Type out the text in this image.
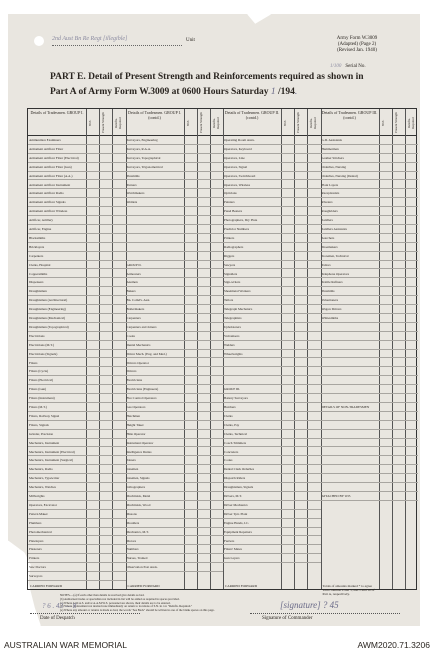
2nd Aust Bn Re Regt [illegible]	Unit	Army Form W.3009
(Adapted) (Page 2)
(Revised Jan. 1940)
1/100 Serial No.
PART E. Detail of Present Strength and Reinforcements required as shown in
Part A of Army Form W.3009 at 0600 Hours Saturday 1 /194.
Details of Tradesmen. GROUP I.
W.E.	Present Strength	Reinfts. Required
Ammunition Examiners
Armament Artificer Fitter
Armament Artificer Fitter (Electrical)
Armament Artificer Fitter (Gun)
Armament Artificer Fitter (A.A.)
Armament Artificer Instrument
Armament Artificer Radio
Armament Artificer Signals
Armament Artificer Wireless
Artificer, Artillery
Artificer, Engine
Blacksmiths
Bricklayers
Carpenters
Clerks, Hospital
Coppersmiths
Dispensers
Draughtsmen
Draughtsmen (Architectural)
Draughtsmen (Engineering)
Draughtsmen (Mechanical)
Draughtsmen (Topographical)
Electricians
Electricians (M.T.)
Electricians (Signals)
Fitters
Fitters (Cycle)
Fitters (Electrical)
Fitters (Gun)
Fitters (Instrument)
Fitters (M.T.)
Fitters, Railway Signal
Fitters, Signals
Grinder, Precision
Mechanics, Instrument
Mechanics, Instrument (Electrical)
Mechanics, Instrument (Surgical)
Mechanics, Radio
Mechanics, Typewriter
Mechanics, Watches
Millwrights
Operators, Excavator
Pattern Maker
Plumbers
Photomechanical
Platelayers
Plasterers
Printers
Saw Doctors
Surveyors
CARRIED FORWARD
Details of Tradesmen. GROUP I. (contd.)
W.E.	Present Strength	Reinfts. Required
Surveyors, Engineering
Surveyors, R.A.A.
Surveyors, Topographical
Surveyors, Trigonometrical
Tinsmiths
Turners
Watchmakers
Welders
GROUP II.
Armourers
Axemen
Bakers
Bn. Comd's. Asst.
Boilermakers
Carpenters
Carpenters and Joiners
Cooks
Dental Mechanics
Driver Mech. (Eng. and Med.)
Drivers Operator
Drivers
Electricians
Electricians (Engineers)
Fire Control Operators
Gas Operators
Hatchmen
Height Taker
Hide Operator
Instrument Operator
Intelligence Duties
Joiners
Linemen
Linemen, Signals
Lithographers
Machinists, Metal
Machinists, Wood
Masons
Moulders
Mechanics, M.T.
Motors
Numbers
Nurses, Trained
Observation Post Assts.
CARRIED FORWARD
Details of Tradesmen. GROUP II. (contd.)
W.E.	Present Strength	Reinfts. Required
Operating Room Assts.
Operators, Keyboard
Operators, Line
Operators, Signal
Operators, Switchboard
Operators, Wireless
Opticians
Painters
Panel Beaters
Photographers, Dry Plate
Predictor Numbers
Printers
Radiographers
Riggers
Sawyers
Signallers
Sign-writers
Sheetmetal Workers
Tailors
Telegraph Mechanics
Telegraphists
Upholsterers
Vulcanisers
Welders
Wheelwrights
GROUP III.
Battery Surveyors
Butchers
Clerks
Clerks, Pay
Clerks, Technical
Coach Trimmers
Concreters
Cooks
Dental Clerk Orderlies
Dispatch Riders
Draughtsmen, Signals
Drivers, M.T.
Driver Mechanics
Driver Tptr. Plant
Engine Hands, I.C.
Equipment Repairers
Farriers
Fitters' Mates
Gun Layers
CARRIED FORWARD
Details of Tradesmen. GROUP III. (contd.)
W.E.	Present Strength	Reinfts. Required
G.D. Assistants
Hammermen
Leather Stitchers
Orderlies, Nursing
Orderlies, Nursing (Dental)
Plant Layers
Receptionists
Riveters
Roughriders
Saddlers
Saddlers Assistants
Searchers
Shoemakers
Storemen, Technical
Tailors
Telephone Operators
Textile Refiners
Tinsmiths
Valuationers
Wagon Drivers
Whitesmiths
DETAILS OF NON-TRADESMEN
ATTACHED BY W.E.
Totals of amounts marked * to agree with columns 4 and 5, and 1 and 10 of Part A, respectively.
NOTES.—(a) If each other than details is received give details as bad.
(b) Authorised trades or specialists not included in list will be added as required in spaces provided.
(c) Where A.W.A.S. and/or A.A.M.W.S. personnel are shown, their details are to be entered.
(d) Where replacement not desired note immediately on return to locations of S.N. in col. "Reinfts. Required."
(e) Where any amount or returns is made as bad, the words "See Back" should be written in one of the blank spaces on this page.
? 6 . 43 — 8
Date of Despatch
[signature] ? 45
Signature of Commander
AUSTRALIAN WAR MEMORIAL	AWM2020.71.3206
